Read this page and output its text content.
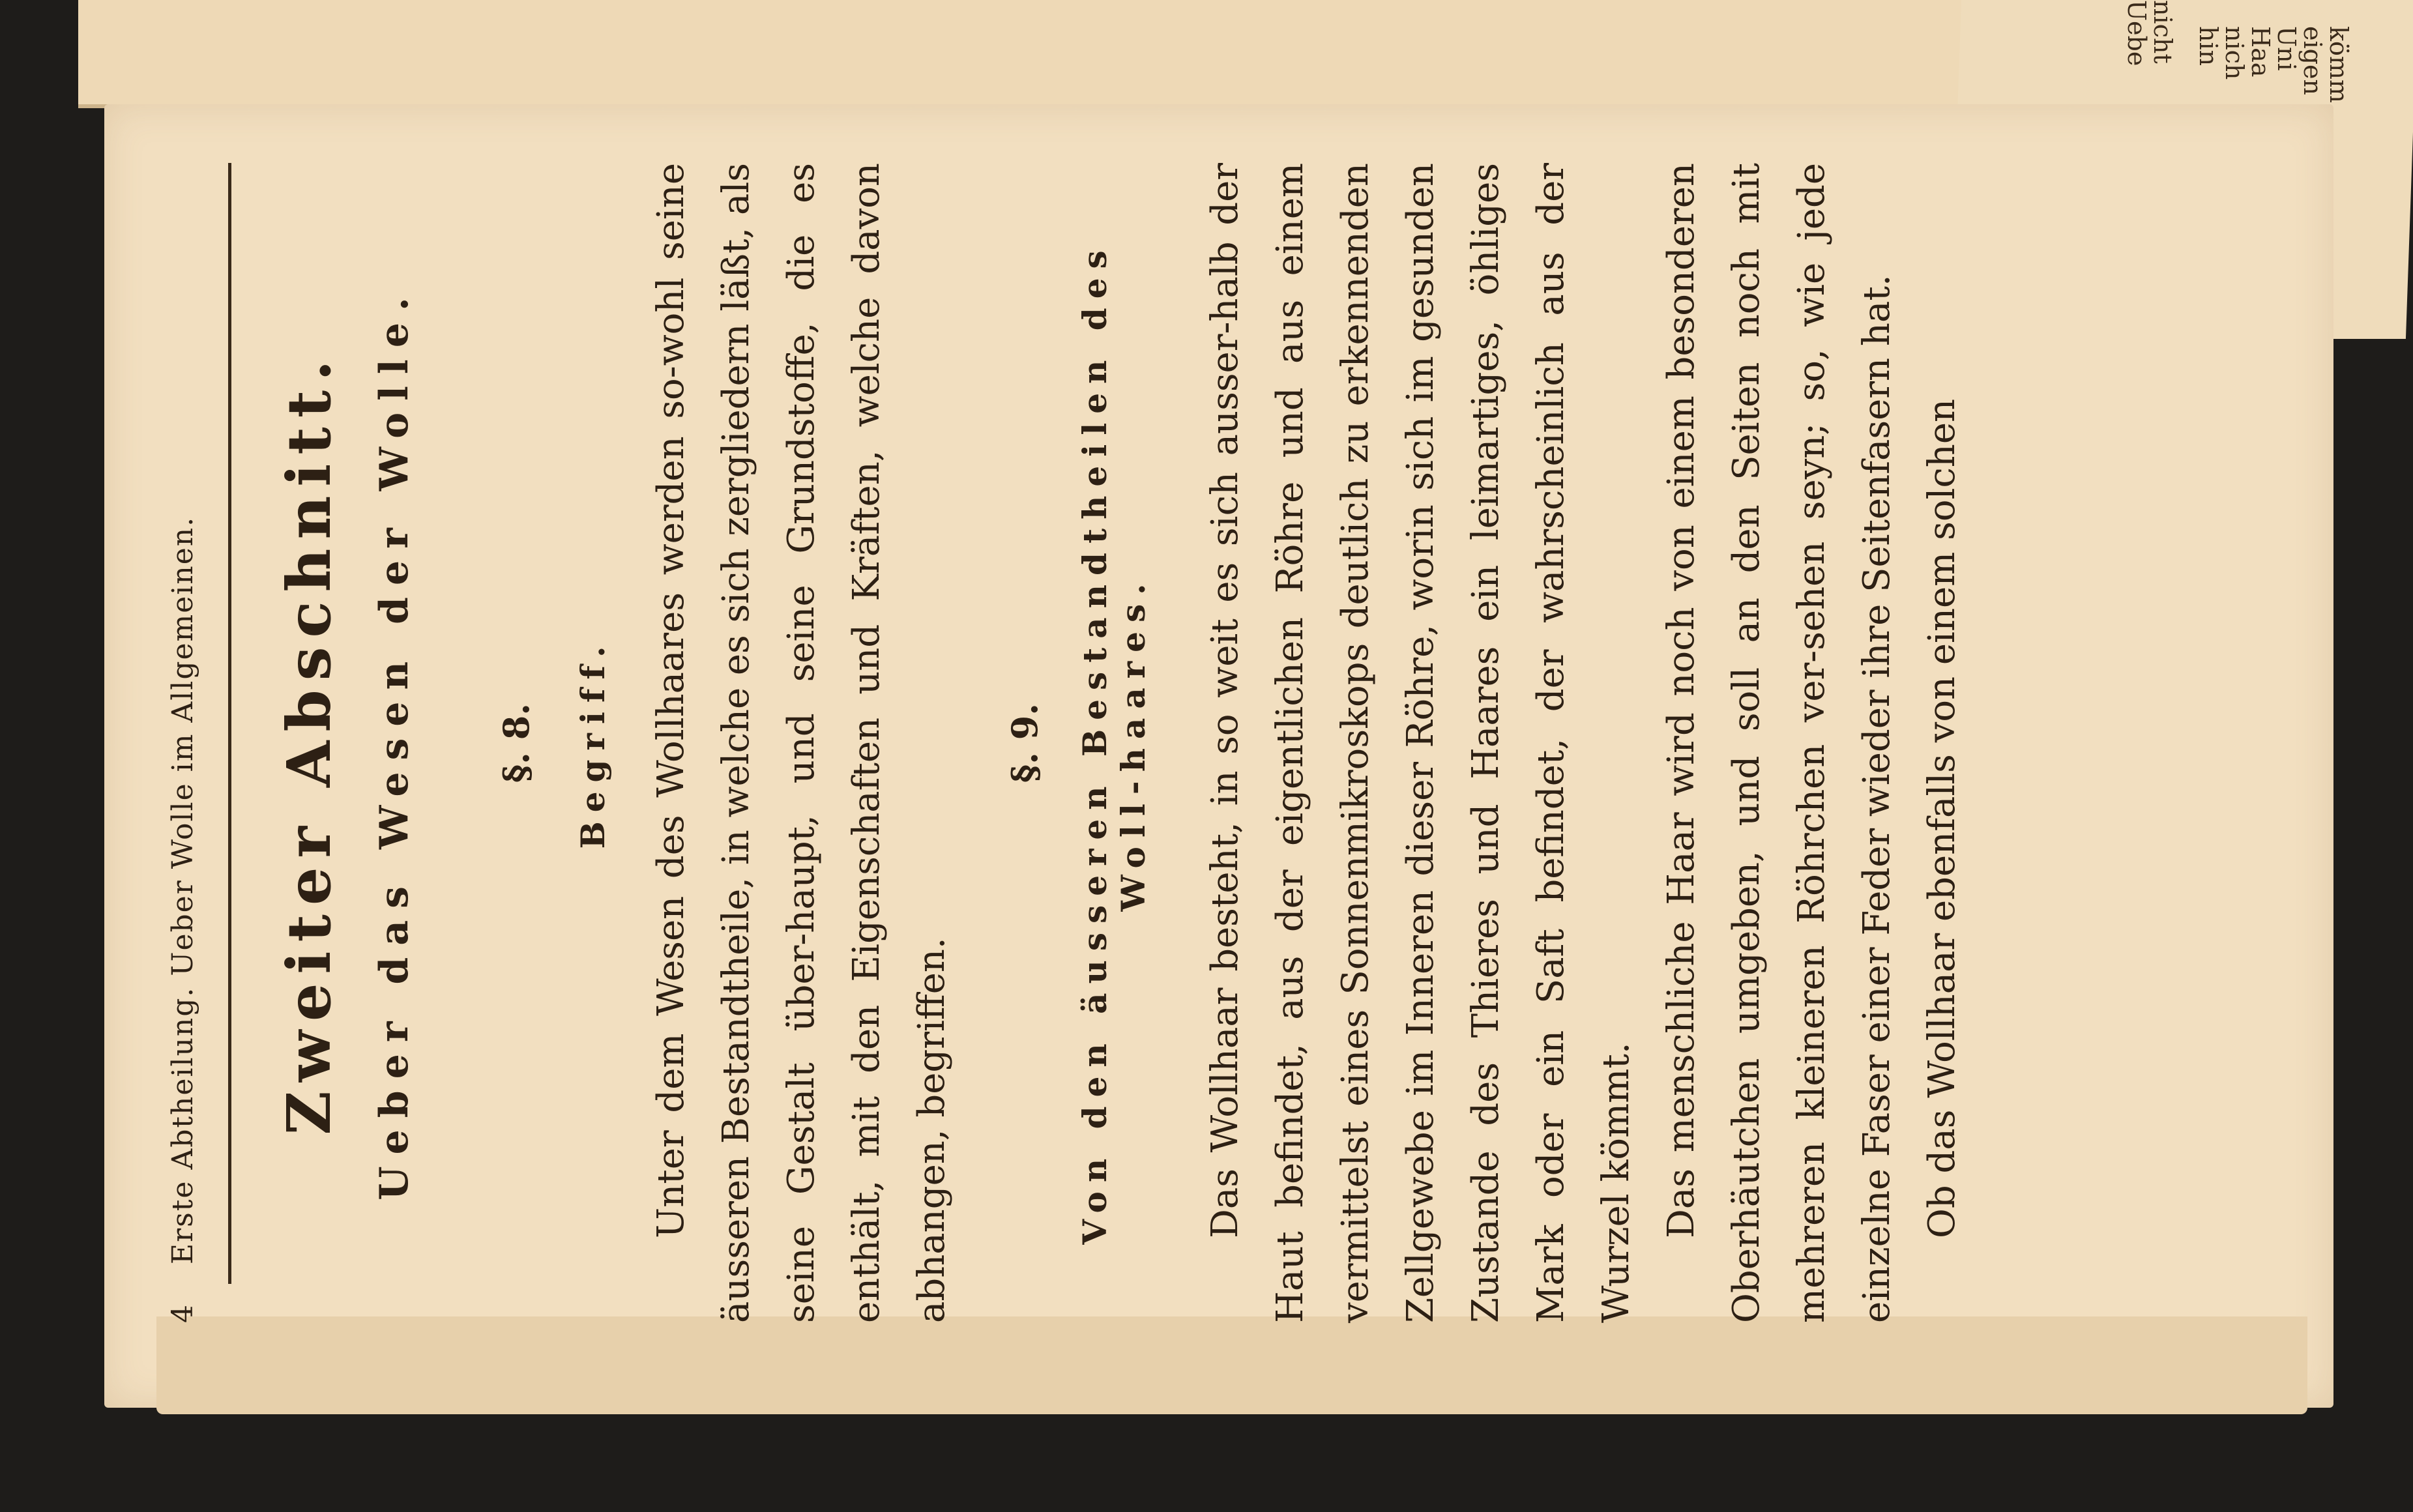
Uebe
nicht hin
nich
Haa
Uni
eigen
kömm
4
Erste Abtheilung. Ueber Wolle im Allgemeinen. Zweiter Abschnitt. Ueber das Wesen der Wolle. §. 8. Begriff.	Unter dem Wesen des Wollhaares werden so-wohl seine äusseren Bestandtheile, in welche es sich zergliedern läßt, als seine Gestalt über-haupt, und seine Grundstoffe, die es enthält, mit den Eigenschaften und Kräften, welche davon abhangen, begriffen.
§. 9. Von den äusseren Bestandtheilen des Woll-haares.	Das Wollhaar besteht, in so weit es sich ausser-halb der Haut befindet, aus der eigentlichen Röhre und aus einem vermittelst eines Sonnenmikroskops deutlich zu erkennenden Zellgewebe im Inneren dieser Röhre, worin sich im gesunden Zustande des Thieres und Haares ein leimartiges, öhliges Mark oder ein Saft befindet, der wahrscheinlich aus der Wurzel kömmt. Das menschliche Haar wird noch von einem besonderen Oberhäutchen umgeben, und soll an den Seiten noch mit mehreren kleineren Röhrchen ver-sehen seyn; so, wie jede einzelne Faser einer Feder wieder ihre Seitenfasern hat. Ob das Wollhaar ebenfalls von einem solchen
